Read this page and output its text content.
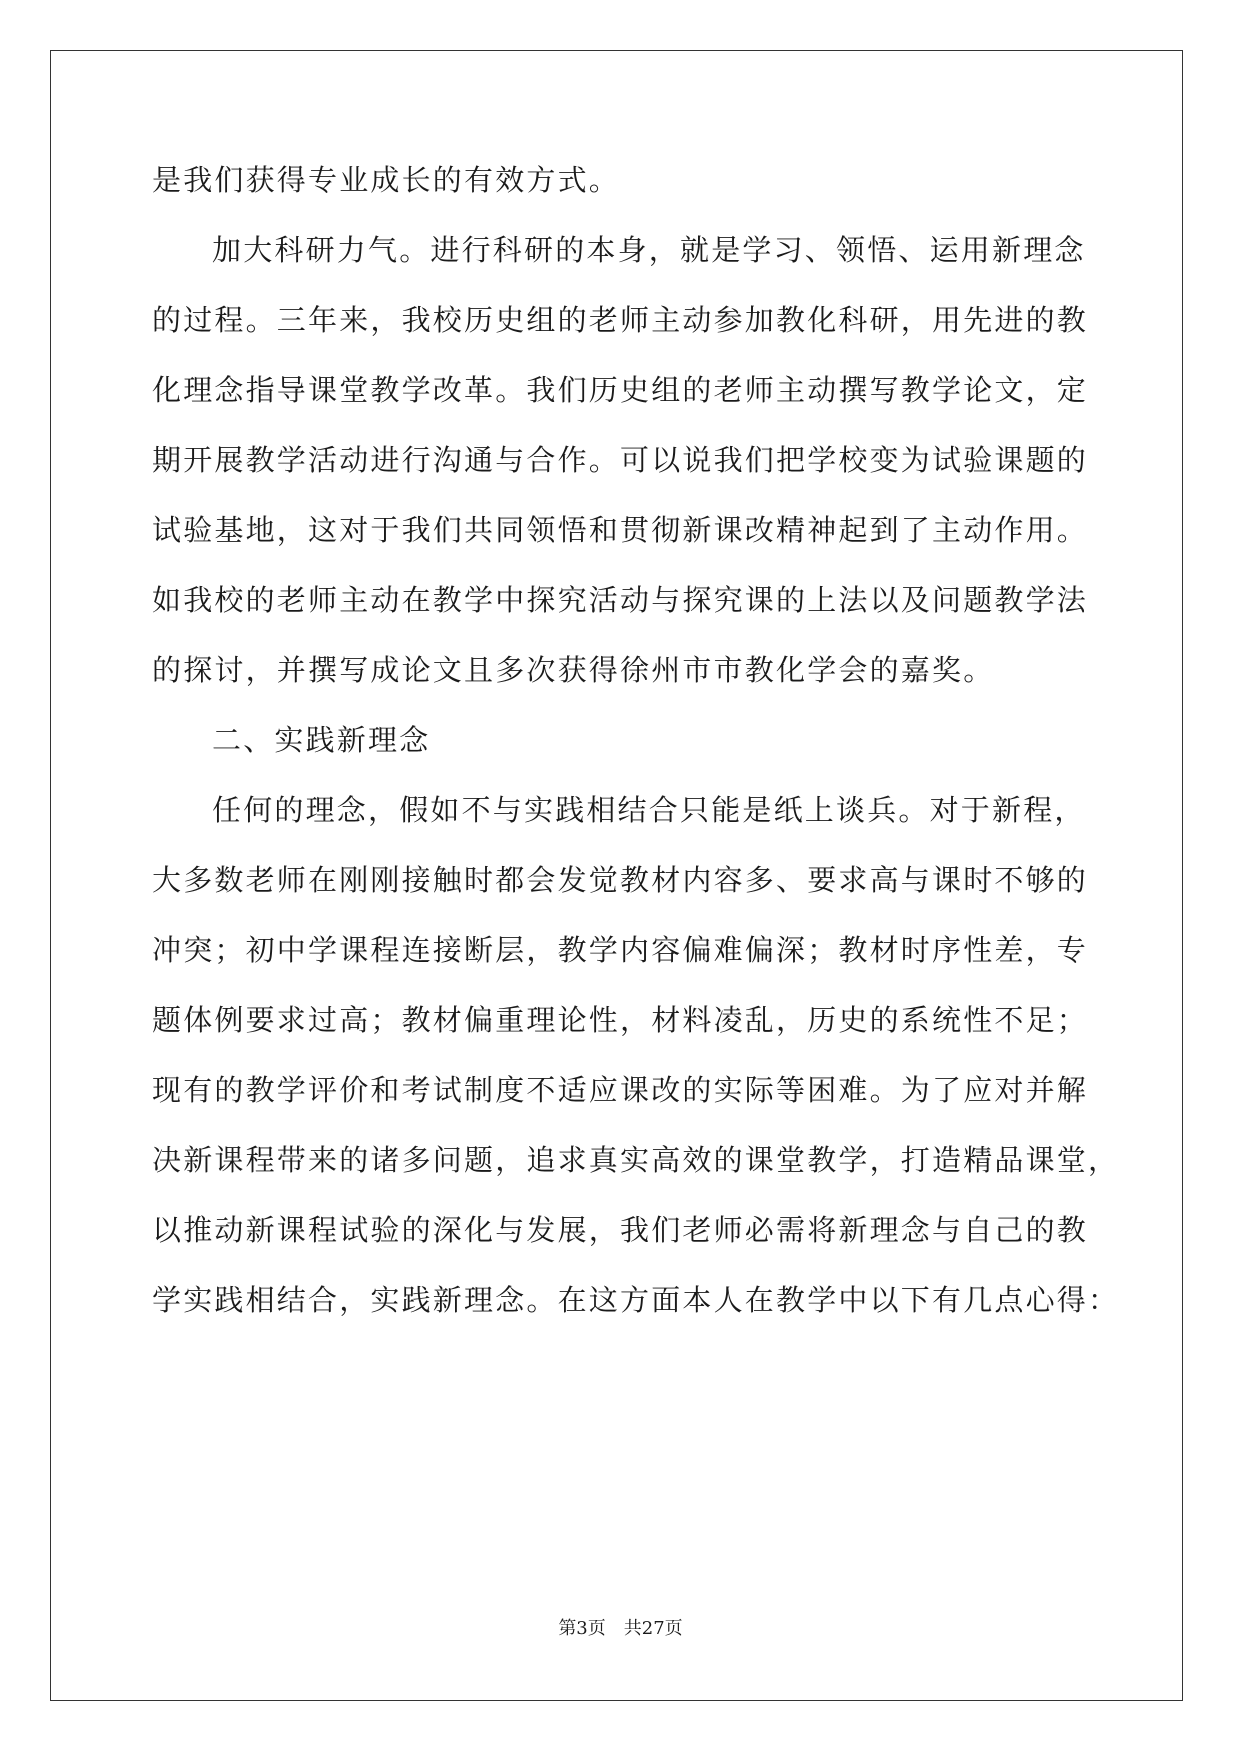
是我们获得专业成长的有效方式。
加大科研力气。进行科研的本身，就是学习、领悟、运用新理念
的过程。三年来，我校历史组的老师主动参加教化科研，用先进的教
化理念指导课堂教学改革。我们历史组的老师主动撰写教学论文，定
期开展教学活动进行沟通与合作。可以说我们把学校变为试验课题的
试验基地，这对于我们共同领悟和贯彻新课改精神起到了主动作用。
如我校的老师主动在教学中探究活动与探究课的上法以及问题教学法
的探讨，并撰写成论文且多次获得徐州市市教化学会的嘉奖。
二、实践新理念
任何的理念，假如不与实践相结合只能是纸上谈兵。对于新程，
大多数老师在刚刚接触时都会发觉教材内容多、要求高与课时不够的
冲突；初中学课程连接断层，教学内容偏难偏深；教材时序性差，专
题体例要求过高；教材偏重理论性，材料凌乱，历史的系统性不足；
现有的教学评价和考试制度不适应课改的实际等困难。为了应对并解
决新课程带来的诸多问题，追求真实高效的课堂教学，打造精品课堂，
以推动新课程试验的深化与发展，我们老师必需将新理念与自己的教
学实践相结合，实践新理念。在这方面本人在教学中以下有几点心得：
第3页　共27页
